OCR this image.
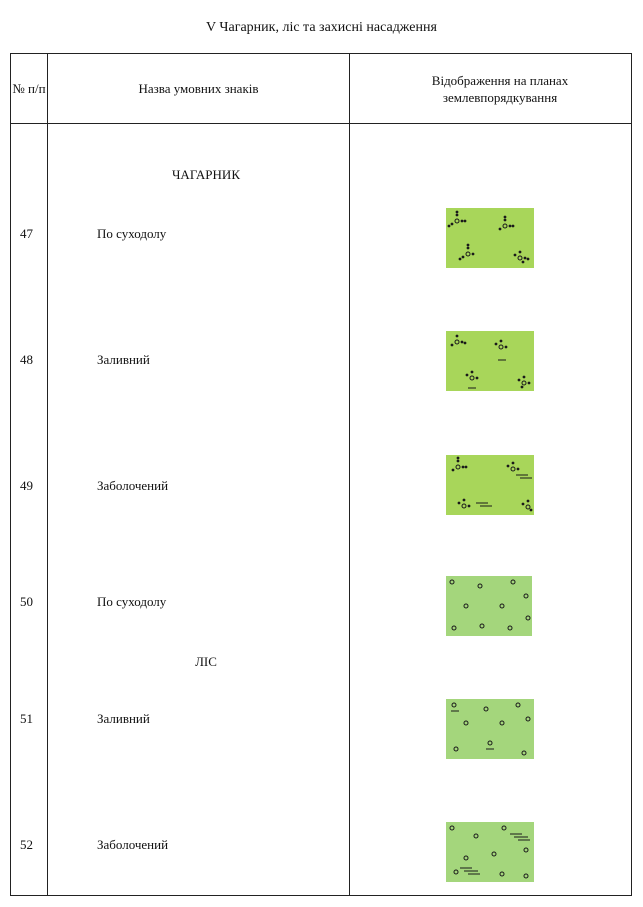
V Чагарник, ліс та захисні насадження
№ п/п	Назва умовних знаків
Відображення на планах землевпорядкування
ЧАГАРНИК
ЛІС
47	По суходолу
48	Заливний
49	Заболочений
50	По суходолу
51	Заливний
52	Заболочений
